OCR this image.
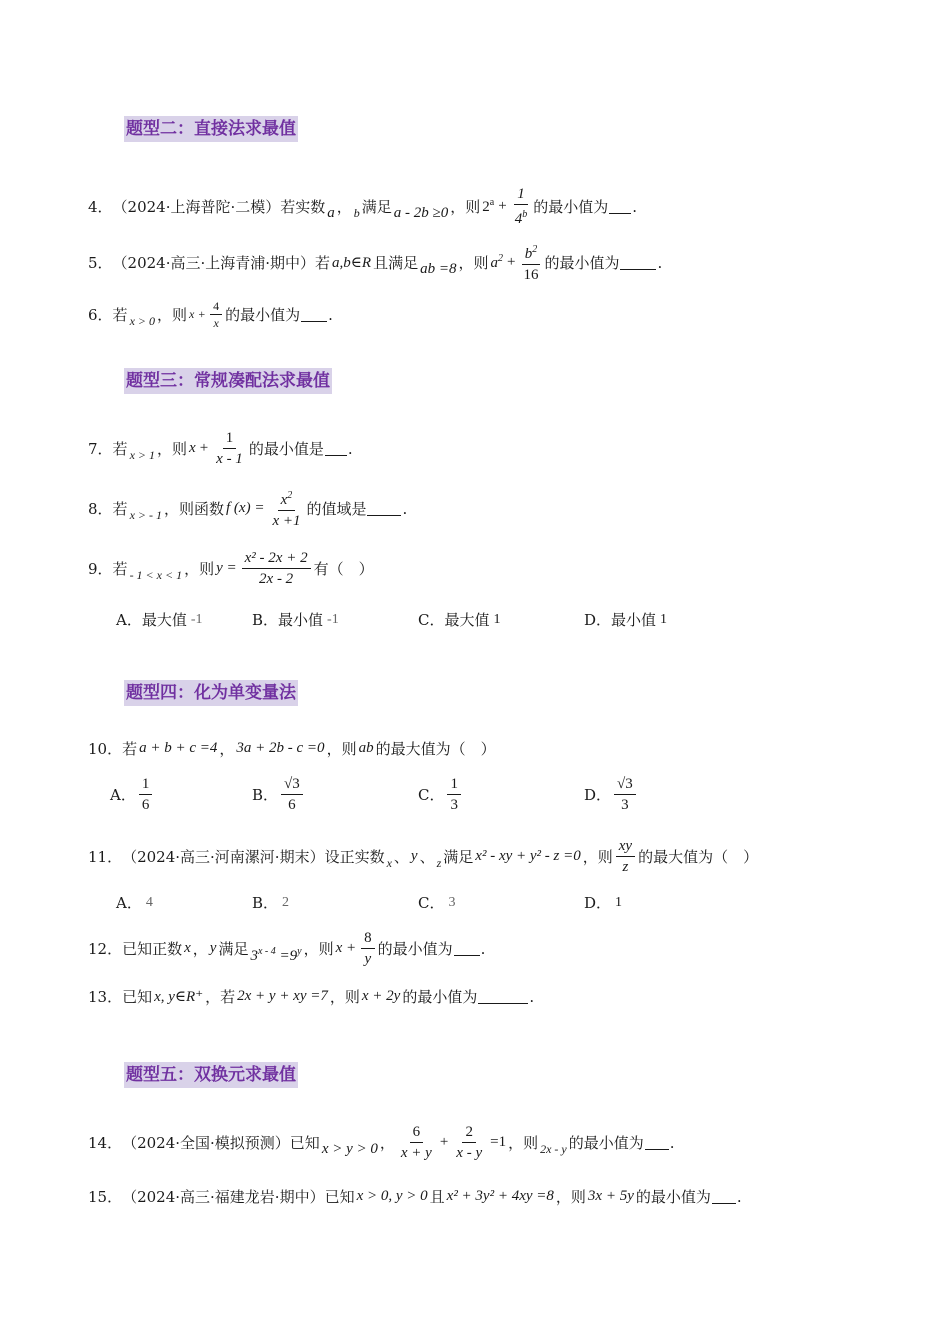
题型二：直接法求最值
4． （2024·上海普陀·二模）若实数 a ， b 满足 a - 2b ≥0 ，则 $2^a + \frac{1}{4^b}$ 的最小值为 .
5． （2024·高三·上海青浦·期中）若 a,b∈R 且满足 ab =8 ，则 $a^2 + \frac{b^2}{16}$ 的最小值为	.
6． 若 x > 0 ，则 $x + \frac{4}{x}$ 的最小值为 .
题型三：常规凑配法求最值
7． 若 x > 1 ，则 $x + \frac{1}{x - 1}$ 的最小值是 .
8． 若 x > - 1 ，则函数 f $(x) = \frac{x^2}{x +1}$ 的值域是 .
9． 若 - 1 < x < 1 ，则 $y = \frac{\text{x² - 2x + 2}}{2x - 2}$ 有（　）
A．最大值 -1	B．最小值 -1	C．最大值 1	D．最小值 1
题型四：化为单变量法
10． 若 a + b + c =4 ， 3a + 2b - c =0 ，则 ab 的最大值为（　）
A． $\frac{1}{6}$	B． $\frac{√3}{6}$	C． $\frac{1}{3}$	D． $\frac{√3}{3}$
11． （2024·高三·河南漯河·期末）设正实数 x 、 y 、 z 满足 x² - xy + y² - z =0 ，则 $\frac{xy}{z}$ 的最大值为（　）
A． 4	B． 2	C． 3	D． 1
12． 已知正数 x ， y 满足 $3^{x - 4} =9^y$ ，则 $x + \frac{8}{y}$ 的最小值为 .
13． 已知 x, y∈R⁺ ，若 2x + y + xy =7 ，则 x + 2y 的最小值为	.
题型五：双换元求最值
14． （2024·全国·模拟预测）已知 x > y > 0 ， $\frac{6}{x + y} + \frac{2}{x - y} =1$ ，则 2x - y 的最小值为 .
15． （2024·高三·福建龙岩·期中）已知 x > 0, y > 0 且 x² + 3y² + 4xy =8 ，则 3x + 5y 的最小值为 .
